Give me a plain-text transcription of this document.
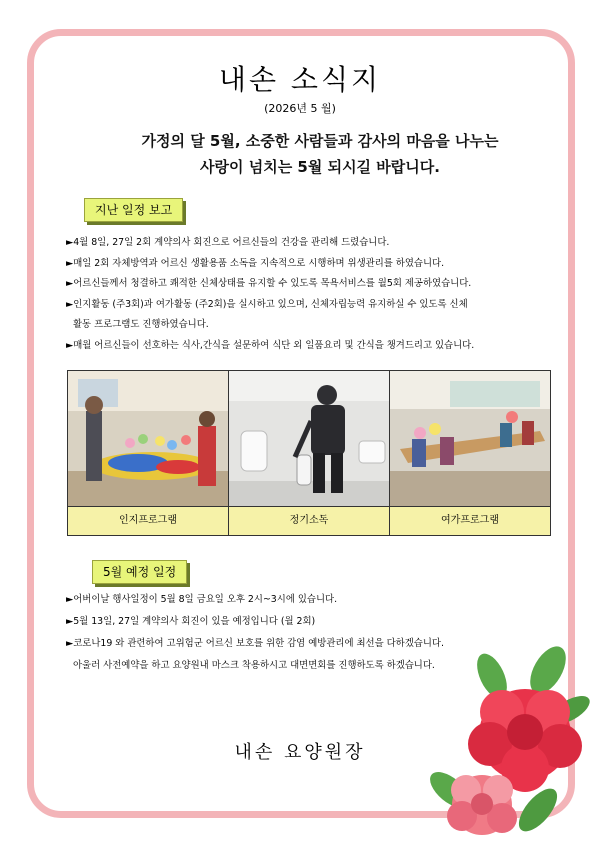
내손 소식지
(2026년 5 월)
가정의 달 5월, 소중한 사람들과 감사의 마음을 나누는
사랑이 넘치는 5월 되시길 바랍니다.
지난 일정 보고
►4월 8일, 27일 2회 계약의사 회진으로 어르신들의 건강을 관리해 드렸습니다.
►매일 2회 자체방역과 어르신 생활용품 소독을 지속적으로 시행하며 위생관리를 하였습니다.
►어르신들께서 청결하고 쾌적한 신체상태를 유지할 수 있도록 목욕서비스를 월5회 제공하였습니다.
►인지활동 (주3회)과 여가활동 (주2회)을 실시하고 있으며, 신체자립능력 유지하실 수 있도록 신체
활동 프로그램도 진행하였습니다.
►매월 어르신들이 선호하는 식사,간식을 설문하여 식단 외 일품요리 및 간식을 챙겨드리고 있습니다.
인지프로그램	정기소독	여가프로그램
5월 예정 일정
►어버이날 행사일정이 5월 8일 금요일 오후 2시~3시에 있습니다.
►5월 13일, 27일 계약의사 회진이 있을 예정입니다 (월 2회)
►코로나19 와 관련하여 고위험군 어르신 보호를 위한 감염 예방관리에 최선을 다하겠습니다.
아울러 사전예약을 하고 요양원내 마스크 착용하시고 대면면회를 진행하도록 하겠습니다.
내손 요양원장
